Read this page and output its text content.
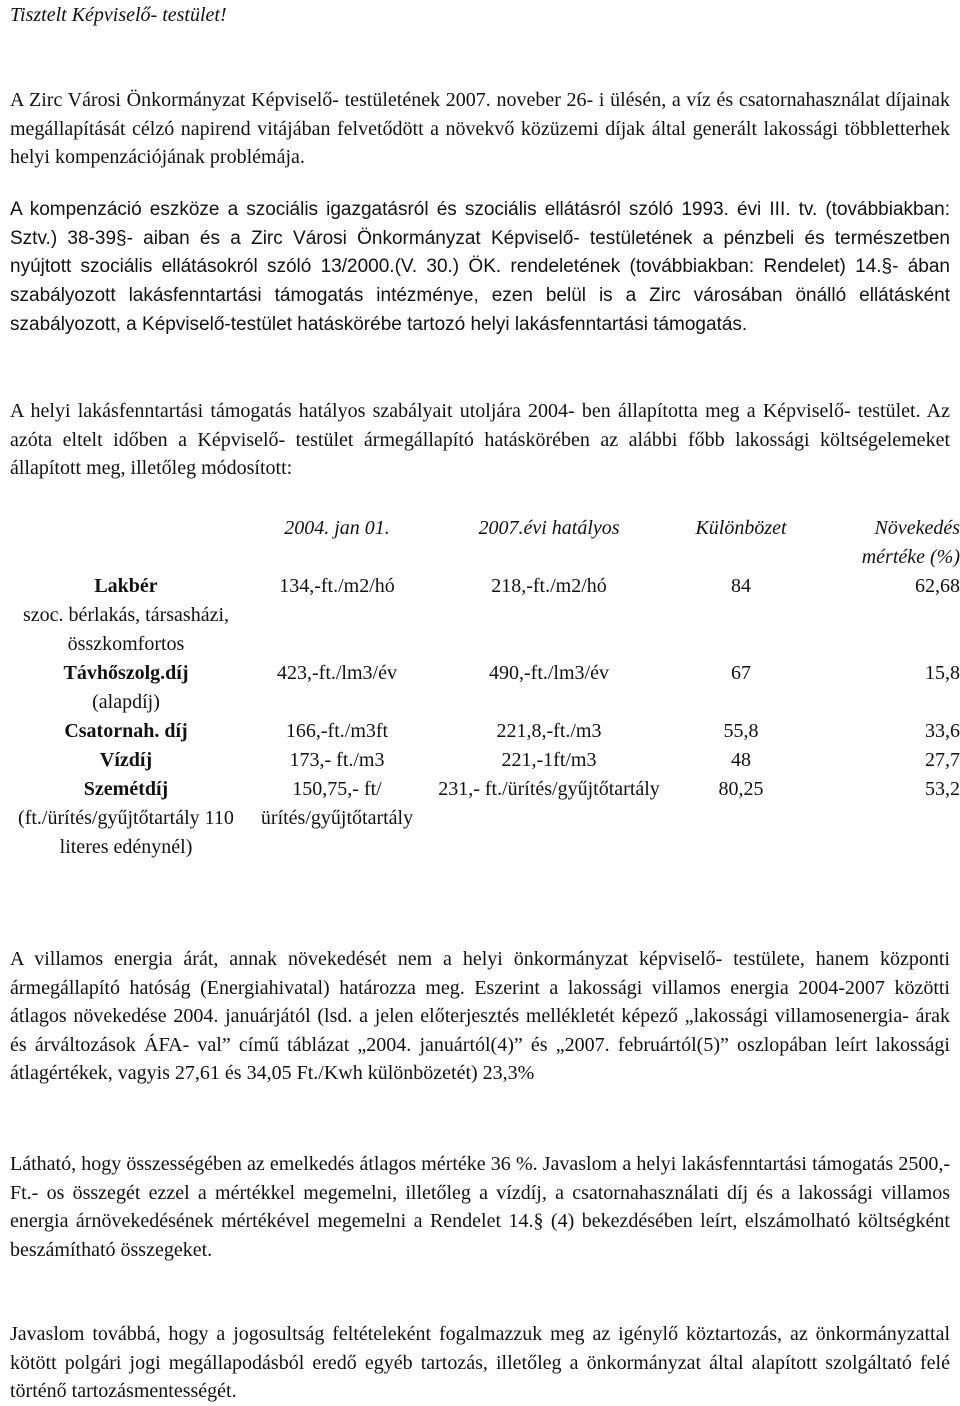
Tisztelt Képviselő- testület!

A Zirc Városi Önkormányzat Képviselő- testületének 2007. noveber 26- i ülésén, a víz és csatornahasználat díjainak megállapítását célzó napirend vitájában felvetődött a növekvő közüzemi díjak által generált lakossági többletterhek helyi kompenzációjának problémája.

A kompenzáció eszköze a szociális igazgatásról és szociális ellátásról szóló 1993. évi III. tv. (továbbiakban: Sztv.) 38-39§- aiban és a Zirc Városi Önkormányzat Képviselő- testületének a pénzbeli és természetben nyújtott szociális ellátásokról szóló 13/2000.(V. 30.) ÖK. rendeletének (továbbiakban: Rendelet) 14.§- ában szabályozott lakásfenntartási támogatás intézménye, ezen belül is a Zirc városában önálló ellátásként szabályozott, a Képviselő-testület hatáskörébe tartozó helyi lakásfenntartási támogatás.

A helyi lakásfenntartási támogatás hatályos szabályait utoljára 2004- ben állapította meg a Képviselő- testület. Az azóta eltelt időben a Képviselő- testület ármegállapító hatáskörében az alábbi főbb lakossági költségelemeket állapított meg, illetőleg módosított:

	2004. jan 01.	2007.évi hatályos	Különbözet	Növekedés mértéke (%)

Lakbér
szoc. bérlakás, társasházi, összkomfortos	134,-ft./m2/hó	218,-ft./m2/hó	84	62,68

Távhőszolg.díj
(alapdíj)	423,-ft./lm3/év	490,-ft./lm3/év	67	15,8
Csatornah. díj	166,-ft./m3ft	221,8,-ft./m3	55,8	33,6
Vízdíj	173,- ft./m3	221,-1ft/m3	48	27,7

Szemétdíj
(ft./ürítés/gyűjtőtartály 110 literes edénynél)	150,75,- ft/ürítés/gyűjtőtartály	231,- ft./ürítés/gyűjtőtartály	80,25	53,2

A villamos energia árát, annak növekedését nem a helyi önkormányzat képviselő- testülete, hanem központi ármegállapító hatóság (Energiahivatal) határozza meg. Eszerint a lakossági villamos energia 2004-2007 közötti átlagos növekedése 2004. januárjától (lsd. a jelen előterjesztés mellékletét képező „lakossági villamosenergia- árak és árváltozások ÁFA- val” című táblázat „2004. januártól(4)” és „2007. februártól(5)” oszlopában leírt lakossági átlagértékek, vagyis 27,61 és 34,05 Ft./Kwh különbözetét) 23,3%

Látható, hogy összességében az emelkedés átlagos mértéke 36 %. Javaslom a helyi lakásfenntartási támogatás 2500,-Ft.- os összegét ezzel a mértékkel megemelni, illetőleg a vízdíj, a csatornahasználati díj és a lakossági villamos energia árnövekedésének mértékével megemelni a Rendelet 14.§ (4) bekezdésében leírt, elszámolható költségként beszámítható összegeket.

Javaslom továbbá, hogy a jogosultság feltételeként fogalmazzuk meg az igénylő köztartozás, az önkormányzattal kötött polgári jogi megállapodásból eredő egyéb tartozás, illetőleg a önkormányzat által alapított szolgáltató felé történő tartozásmentességét.
